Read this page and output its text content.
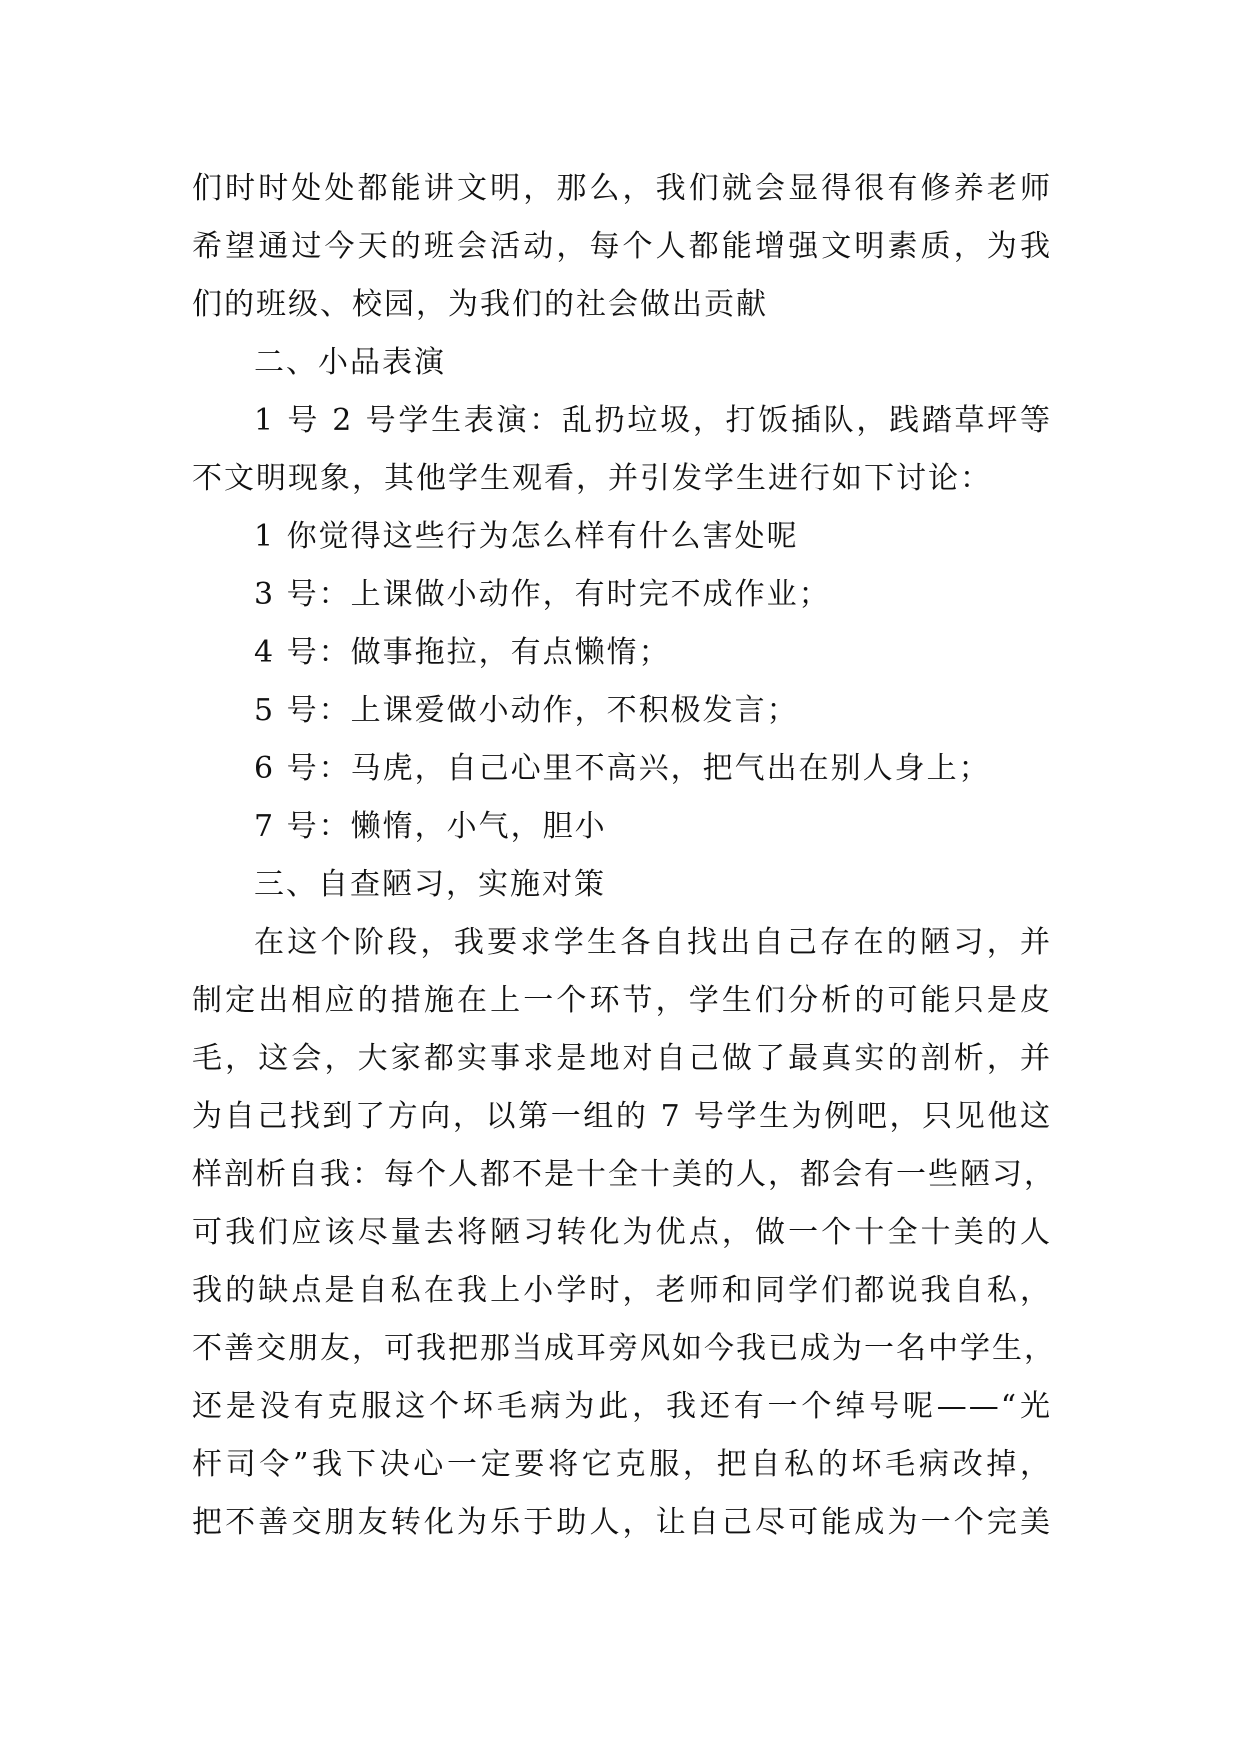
们时时处处都能讲文明，那么，我们就会显得很有修养老师
希望通过今天的班会活动，每个人都能增强文明素质，为我
们的班级、校园，为我们的社会做出贡献
二、小品表演
1 号 2 号学生表演：乱扔垃圾，打饭插队，践踏草坪等
不文明现象，其他学生观看，并引发学生进行如下讨论：
1 你觉得这些行为怎么样有什么害处呢
3 号：上课做小动作，有时完不成作业；
4 号：做事拖拉，有点懒惰；
5 号：上课爱做小动作，不积极发言；
6 号：马虎，自己心里不高兴，把气出在别人身上；
7 号：懒惰，小气，胆小
三、自查陋习，实施对策
在这个阶段，我要求学生各自找出自己存在的陋习，并
制定出相应的措施在上一个环节，学生们分析的可能只是皮
毛，这会，大家都实事求是地对自己做了最真实的剖析，并
为自己找到了方向，以第一组的 7 号学生为例吧，只见他这
样剖析自我：每个人都不是十全十美的人，都会有一些陋习，
可我们应该尽量去将陋习转化为优点，做一个十全十美的人
我的缺点是自私在我上小学时，老师和同学们都说我自私，
不善交朋友，可我把那当成耳旁风如今我已成为一名中学生，
还是没有克服这个坏毛病为此，我还有一个绰号呢——“光
杆司令”我下决心一定要将它克服，把自私的坏毛病改掉，
把不善交朋友转化为乐于助人，让自己尽可能成为一个完美
